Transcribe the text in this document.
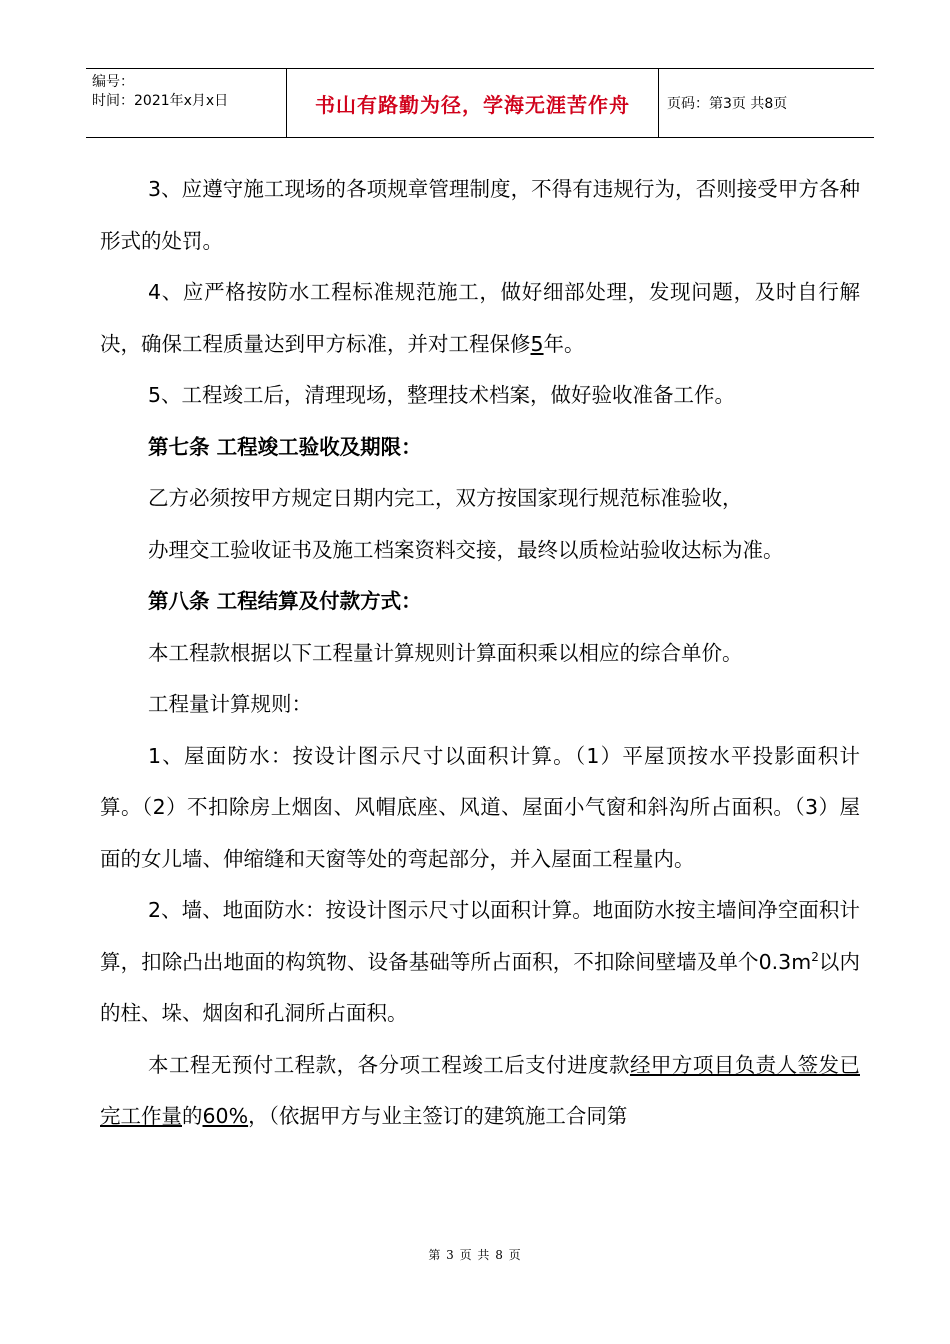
编号：
时间：2021年x月x日	书山有路勤为径，学海无涯苦作舟	页码：第3页 共8页

3、应遵守施工现场的各项规章管理制度，不得有违规行为，否则接受甲方各种形式的处罚。

4、应严格按防水工程标准规范施工，做好细部处理，发现问题，及时自行解决，确保工程质量达到甲方标准，并对工程保修5年。

5、工程竣工后，清理现场，整理技术档案，做好验收准备工作。

第七条 工程竣工验收及期限：

乙方必须按甲方规定日期内完工，双方按国家现行规范标准验收，

办理交工验收证书及施工档案资料交接，最终以质检站验收达标为准。

第八条 工程结算及付款方式：

本工程款根据以下工程量计算规则计算面积乘以相应的综合单价。

工程量计算规则：

1、屋面防水：按设计图示尺寸以面积计算。（1）平屋顶按水平投影面积计算。（2）不扣除房上烟囱、风帽底座、风道、屋面小气窗和斜沟所占面积。（3）屋面的女儿墙、伸缩缝和天窗等处的弯起部分，并入屋面工程量内。

2、墙、地面防水：按设计图示尺寸以面积计算。地面防水按主墙间净空面积计算，扣除凸出地面的构筑物、设备基础等所占面积，不扣除间壁墙及单个$0.3m^2$以内的柱、垛、烟囱和孔洞所占面积。

本工程无预付工程款，各分项工程竣工后支付进度款经甲方项目负责人签发已完工作量的60%，（依据甲方与业主签订的建筑施工合同第

第 3 页 共 8 页
